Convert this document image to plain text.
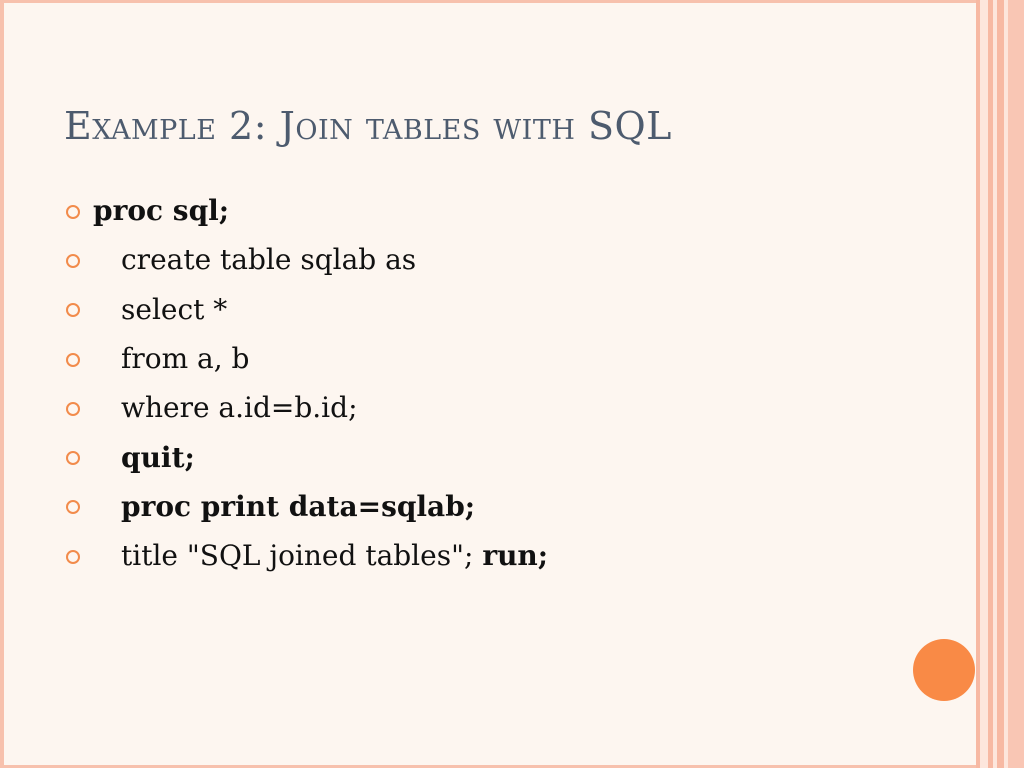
Example 2: Join tables with SQL
proc sql;
create table sqlab as
select *
from a, b
where a.id=b.id;
quit;
proc print data=sqlab;
title "SQL joined tables"; run;
